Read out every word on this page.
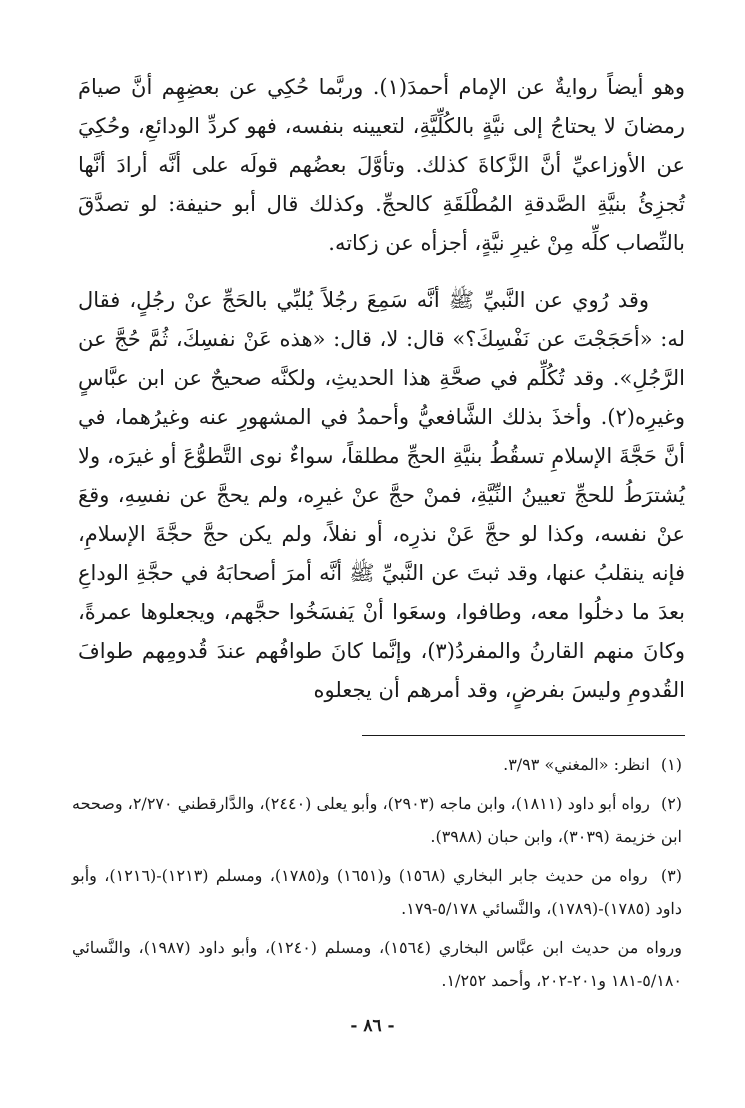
وهو أيضاً روايةٌ عن الإمام أحمدَ(١). وربَّما حُكِي عن بعضِهِم أنَّ صيامَ رمضانَ لا يحتاجُ إلى نيَّةٍ بالكُلِّيَّةِ، لتعيينه بنفسه، فهو كردِّ الودائعِ، وحُكِيَ عن الأوزاعيِّ أنَّ الزَّكاةَ كذلك. وتأوَّلَ بعضُهم قولَه على أنَّه أرادَ أنَّها تُجزِئُ بنيَّةِ الصَّدقةِ المُطْلَقَةِ كالحجِّ. وكذلك قال أبو حنيفة: لو تصدَّقَ بالنِّصاب كلِّه مِنْ غيرِ نيَّةٍ، أجزأه عن زكاته.

وقد رُوي عن النَّبيِّ ﷺ أنَّه سَمِعَ رجُلاً يُلبِّي بالحَجِّ عنْ رجُلٍ، فقال له: «أحَجَجْتَ عن نَفْسِكَ؟» قال: لا، قال: «هذه عَنْ نفسِكَ، ثُمَّ حُجَّ عن الرَّجُلِ». وقد تُكُلِّم في صحَّةِ هذا الحديثِ، ولكنَّه صحيحٌ عن ابن عبَّاسٍ وغيرِه(٢). وأخذَ بذلك الشَّافعيُّ وأحمدُ في المشهورِ عنه وغيرُهما، في أنَّ حَجَّةَ الإسلامِ تسقُطُ بنيَّةِ الحجِّ مطلقاً، سواءٌ نوى التَّطوُّعَ أو غيرَه، ولا يُشترَطُ للحجِّ تعيينُ النِّيَّةِ، فمنْ حجَّ عنْ غيرِه، ولم يحجَّ عن نفسِهِ، وقعَ عنْ نفسه، وكذا لو حجَّ عَنْ نذرِه، أو نفلاً، ولم يكن حجَّ حجَّةَ الإسلامِ، فإنه ينقلبُ عنها، وقد ثبتَ عن النَّبيِّ ﷺ أنَّه أمرَ أصحابَهُ في حجَّةِ الوداعِ بعدَ ما دخلُوا معه، وطافوا، وسعَوا أنْ يَفسَخُوا حجَّهم، ويجعلوها عمرةً، وكانَ منهم القارنُ والمفردُ(٣)، وإنَّما كانَ طوافُهم عندَ قُدومِهم طوافَ القُدومِ وليسَ بفرضٍ، وقد أمرهم أن يجعلوه

(١) انظر: «المغني» ٣/٩٣.

(٢) رواه أبو داود (١٨١١)، وابن ماجه (٢٩٠٣)، وأبو يعلى (٢٤٤٠)، والدَّارقطني ٢/٢٧٠، وصححه ابن خزيمة (٣٠٣٩)، وابن حبان (٣٩٨٨).

(٣) رواه من حديث جابر البخاري (١٥٦٨) و(١٦٥١) و(١٧٨٥)، ومسلم (١٢١٣)-(١٢١٦)، وأبو داود (١٧٨٥)-(١٧٨٩)، والنَّسائي ٥/١٧٨-١٧٩.

ورواه من حديث ابن عبَّاس البخاري (١٥٦٤)، ومسلم (١٢٤٠)، وأبو داود (١٩٨٧)، والنَّسائي ٥/١٨٠-١٨١ و٢٠١-٢٠٢، وأحمد ١/٢٥٢.

- ٨٦ -
